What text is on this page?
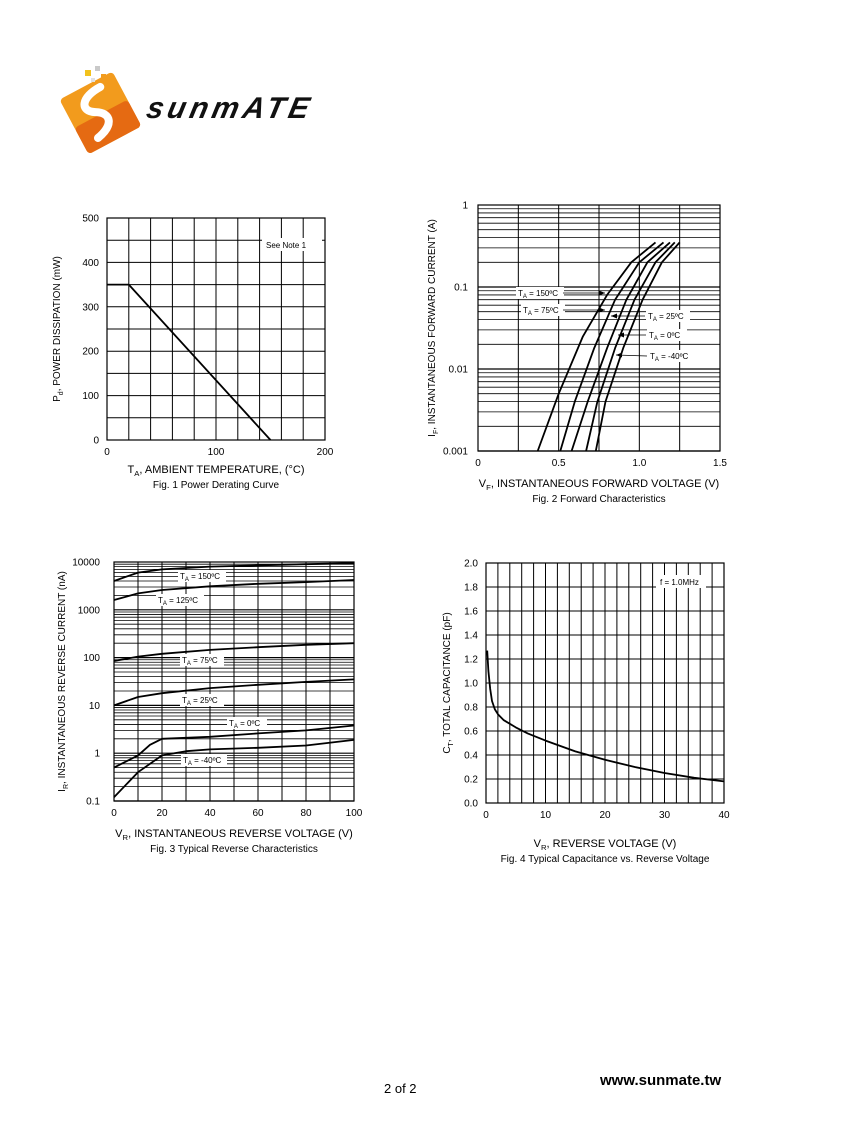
sunmATE
0	100	200
0
100
200
300
400
500
$T_A$, AMBIENT TEMPERATURE, (°C)
$P_d$, POWER DISSIPATION (mW)
Fig. 1 Power Derating Curve
See Note 1
0	0.5	1.0	1.5
0.001
0.01
0.1
1
$V_F$, INSTANTANEOUS FORWARD VOLTAGE (V)
$I_F$, INSTANTANEOUS FORWARD CURRENT (A)
Fig. 2 Forward Characteristics
$T_A$ = 150ºC
$T_A$ = 75ºC
$T_A$ = 25ºC
$T_A$ = 0ºC
$T_A$ = -40ºC
0	20	40	60	80	100
0.1
1
10
100
1000
10000
$V_R$, INSTANTANEOUS REVERSE VOLTAGE (V)
$I_R$, INSTANTANEOUS REVERSE CURRENT (nA)
Fig. 3 Typical Reverse Characteristics
$T_A$ = 150ºC
$T_A$ = 125ºC
$T_A$ = 75ºC
$T_A$ = 25ºC
$T_A$ = 0ºC
$T_A$ = -40ºC
0	10	20	30	40
0.0
0.2
0.4
0.6
0.8
1.0
1.2
1.4
1.6
1.8
2.0
$V_R$, REVERSE VOLTAGE (V)
$C_T$, TOTAL CAPACITANCE (pF)
Fig. 4 Typical Capacitance vs. Reverse Voltage
f = 1.0MHz
2 of 2	www.sunmate.tw
